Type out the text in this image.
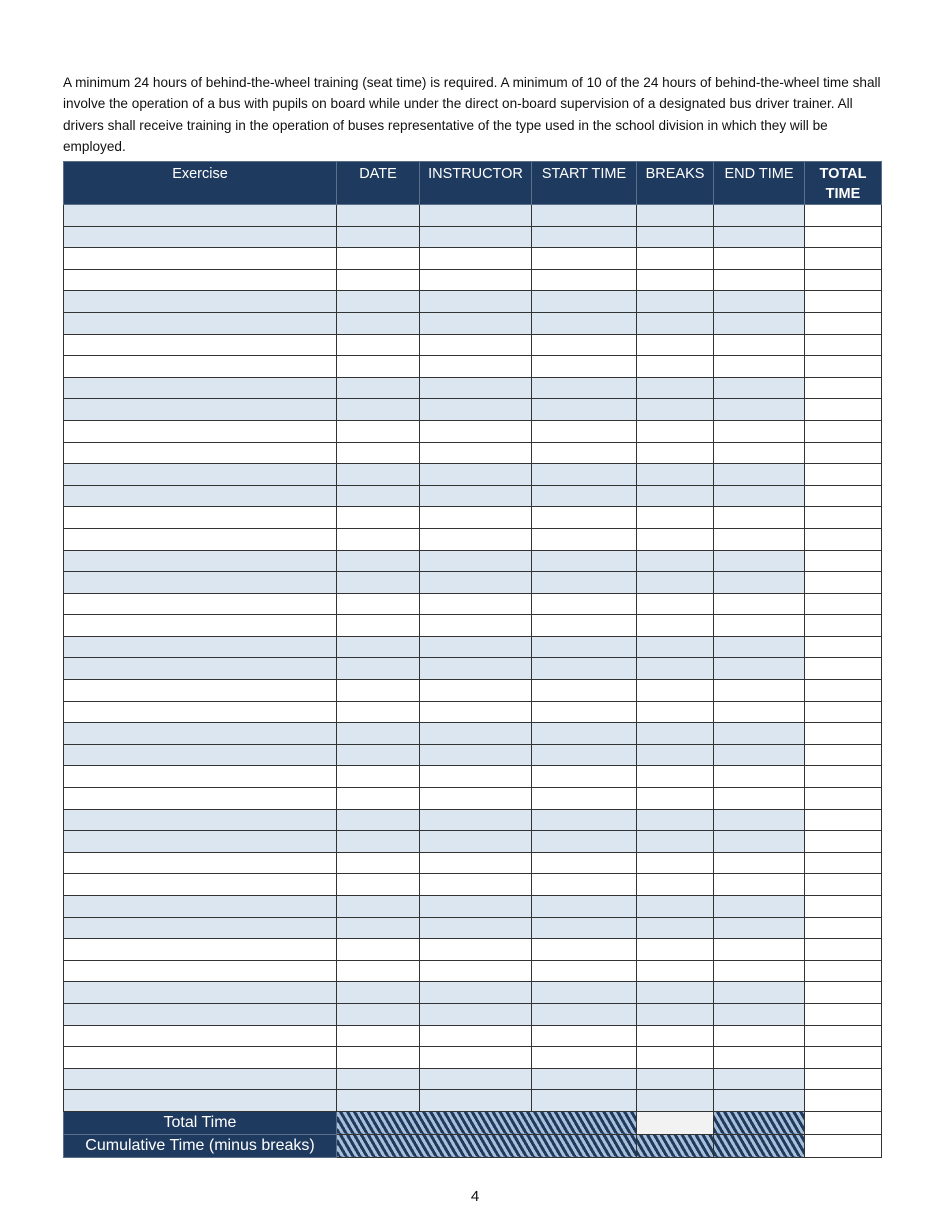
A minimum 24 hours of behind-the-wheel training (seat time) is required. A minimum of 10 of the 24 hours of behind-the-wheel time shall involve the operation of a bus with pupils on board while under the direct on-board supervision of a designated bus driver trainer. All drivers shall receive training in the operation of buses representative of the type used in the school division in which they will be employed.

Exercise	DATE	INSTRUCTOR	START TIME	BREAKS	END TIME	TOTAL TIME

Total Time						
Cumulative Time (minus breaks)						
4
